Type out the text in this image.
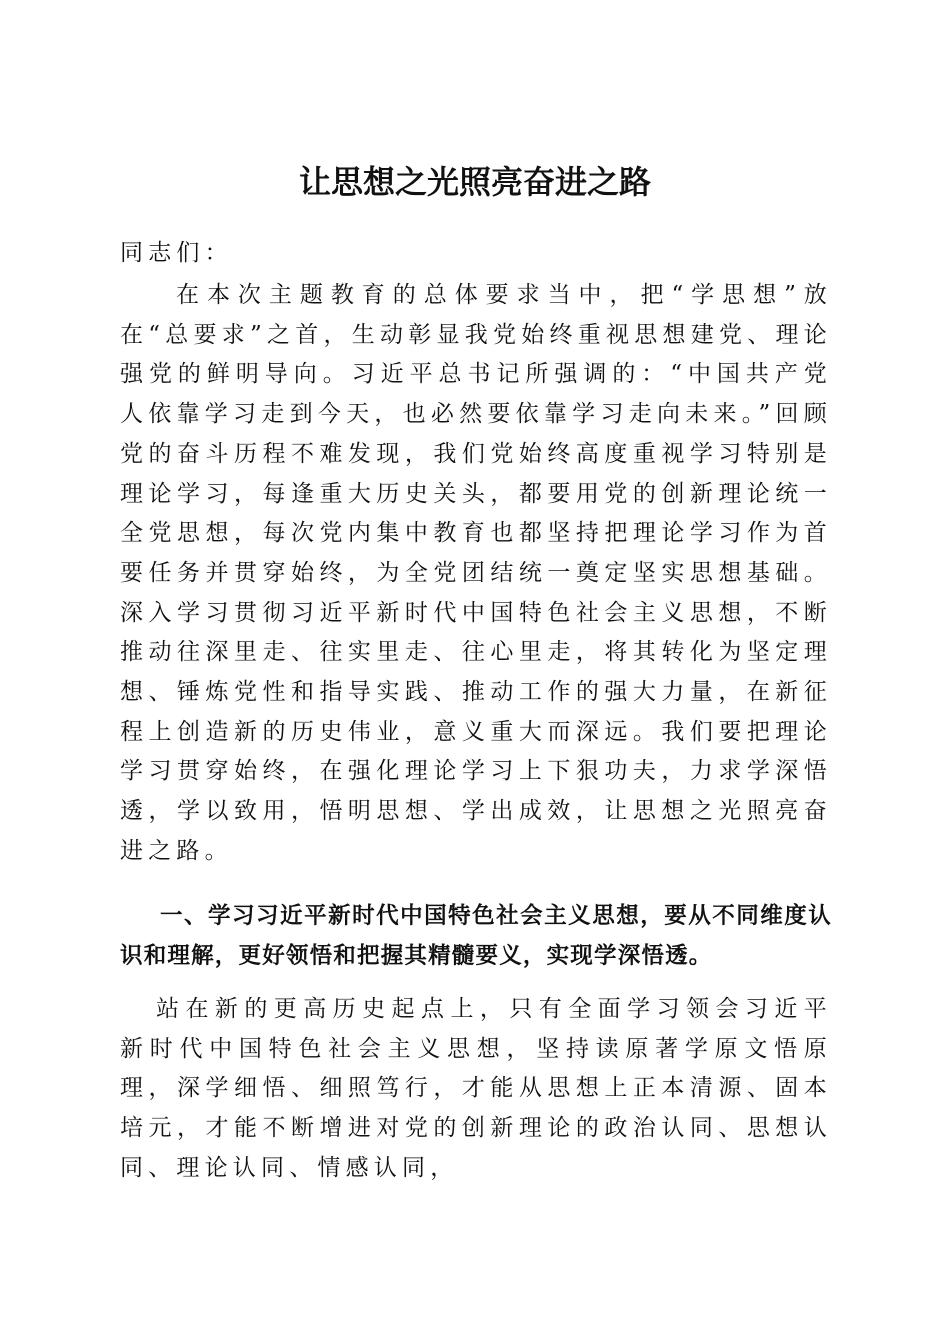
让思想之光照亮奋进之路

同志们：

在本次主题教育的总体要求当中，把“学思想”放在“总要求”之首，生动彰显我党始终重视思想建党、理论强党的鲜明导向。习近平总书记所强调的：“中国共产党人依靠学习走到今天，也必然要依靠学习走向未来。”回顾党的奋斗历程不难发现，我们党始终高度重视学习特别是理论学习，每逢重大历史关头，都要用党的创新理论统一全党思想，每次党内集中教育也都坚持把理论学习作为首要任务并贯穿始终，为全党团结统一奠定坚实思想基础。深入学习贯彻习近平新时代中国特色社会主义思想，不断推动往深里走、往实里走、往心里走，将其转化为坚定理想、锤炼党性和指导实践、推动工作的强大力量，在新征程上创造新的历史伟业，意义重大而深远。我们要把理论学习贯穿始终，在强化理论学习上下狠功夫，力求学深悟透，学以致用，悟明思想、学出成效，让思想之光照亮奋进之路。

一、学习习近平新时代中国特色社会主义思想，要从不同维度认识和理解，更好领悟和把握其精髓要义，实现学深悟透。

站在新的更高历史起点上，只有全面学习领会习近平新时代中国特色社会主义思想，坚持读原著学原文悟原理，深学细悟、细照笃行，才能从思想上正本清源、固本培元，才能不断增进对党的创新理论的政治认同、思想认同、理论认同、情感认同，
